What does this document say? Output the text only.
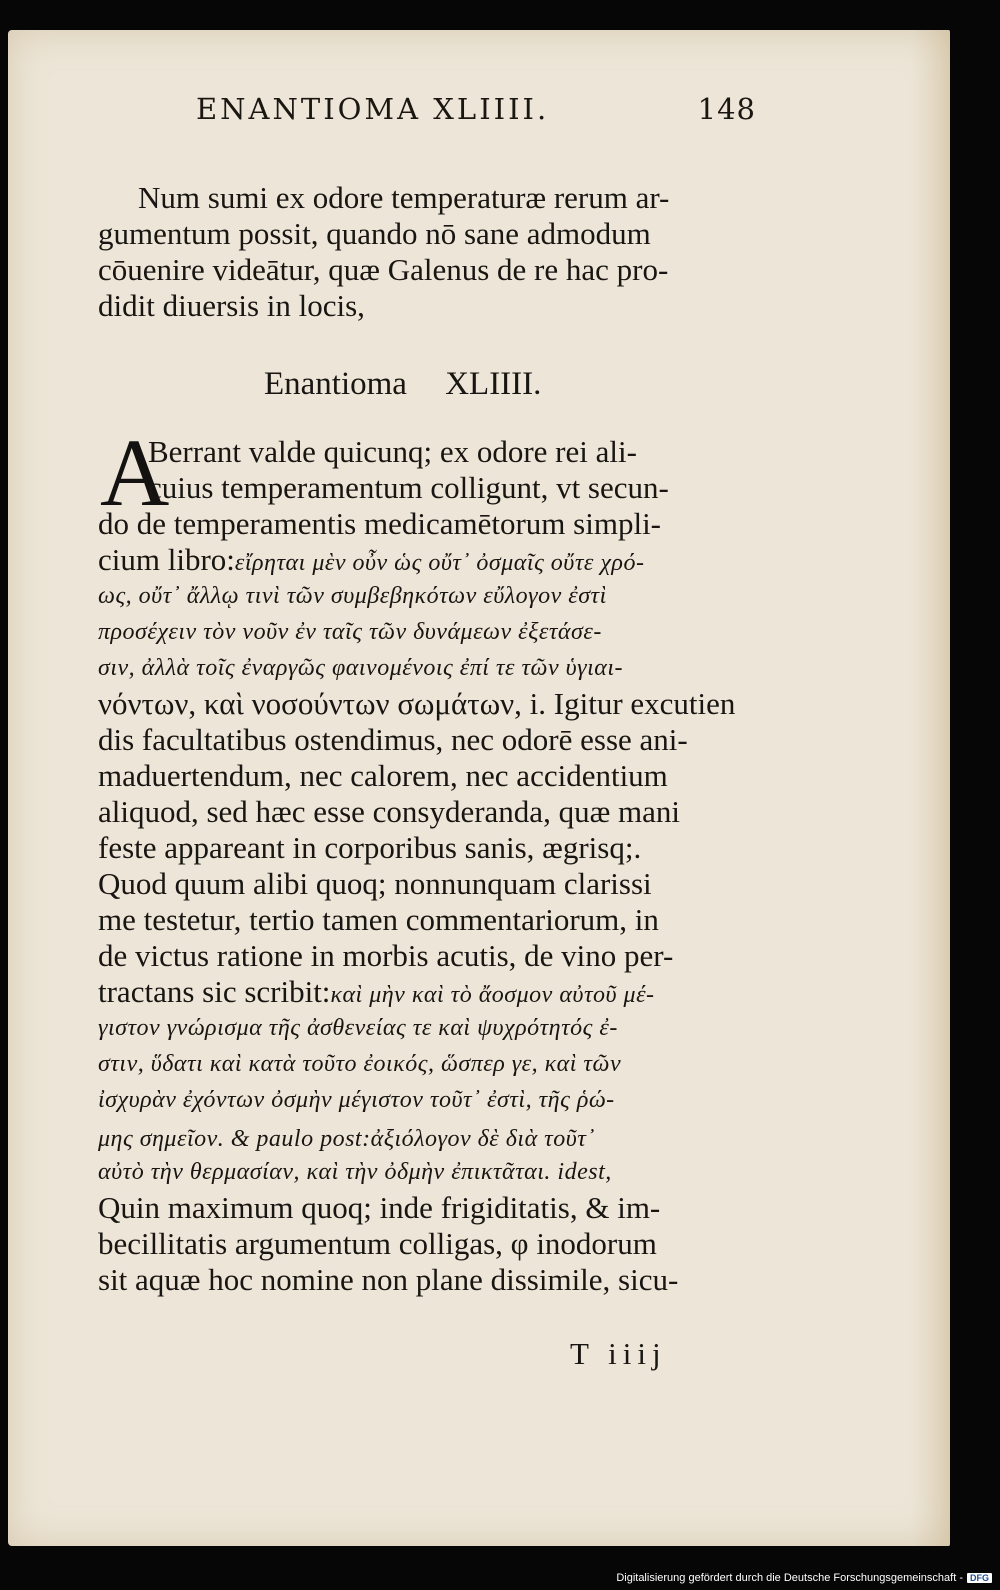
ENANTIOMA XLIIII.	148
Num sumi ex odore temperaturæ rerum ar-
gumentum possit, quando nō sane admodum
cōuenire videātur, quæ Galenus de re hac pro-
didit diuersis in locis,
Enantioma XLIIII.
A
Berrant valde quicunq; ex odore rei ali-
cuius temperamentum colligunt, vt secun-
do de temperamentis medicamētorum simpli-
cium libro:εἴρηται μὲν οὖν ὡς οὔτ᾽ ὀσμαῖς οὔτε χρό-
ως, οὔτ᾽ ἄλλῳ τινὶ τῶν συμβεβηκότων εὔλογον ἐστὶ
προσέχειν τὸν νοῦν ἐν ταῖς τῶν δυνάμεων ἐξετάσε-
σιν, ἀλλὰ τοῖς ἐναργῶς φαινομένοις ἐπί τε τῶν ὑγιαι-
νόντων, καὶ νοσούντων σωμάτων, i. Igitur excutien
dis facultatibus ostendimus, nec odorē esse ani-
maduertendum, nec calorem, nec accidentium
aliquod, sed hæc esse consyderanda, quæ mani
feste appareant in corporibus sanis, ægrisq;.
Quod quum alibi quoq; nonnunquam clarissi
me testetur, tertio tamen commentariorum, in
de victus ratione in morbis acutis, de vino per-
tractans sic scribit:καὶ μὴν καὶ τὸ ἄοσμον αὐτοῦ μέ-
γιστον γνώρισμα τῆς ἀσθενείας τε καὶ ψυχρότητός ἐ-
στιν, ὕδατι καὶ κατὰ τοῦτο ἐοικός, ὥσπερ γε, καὶ τῶν
ἰσχυρὰν ἐχόντων ὀσμὴν μέγιστον τοῦτ᾽ ἐστὶ, τῆς ῥώ-
μης σημεῖον. & paulo post:ἀξιόλογον δὲ διὰ τοῦτ᾽
αὐτὸ τὴν θερμασίαν, καὶ τὴν ὀδμὴν ἐπικτᾶται. idest,
Quin maximum quoq; inde frigiditatis, & im-
becillitatis argumentum colligas, φ inodorum
sit aquæ hoc nomine non plane dissimile, sicu-
T iiij
Digitalisierung gefördert durch die Deutsche Forschungsgemeinschaft - DFG
